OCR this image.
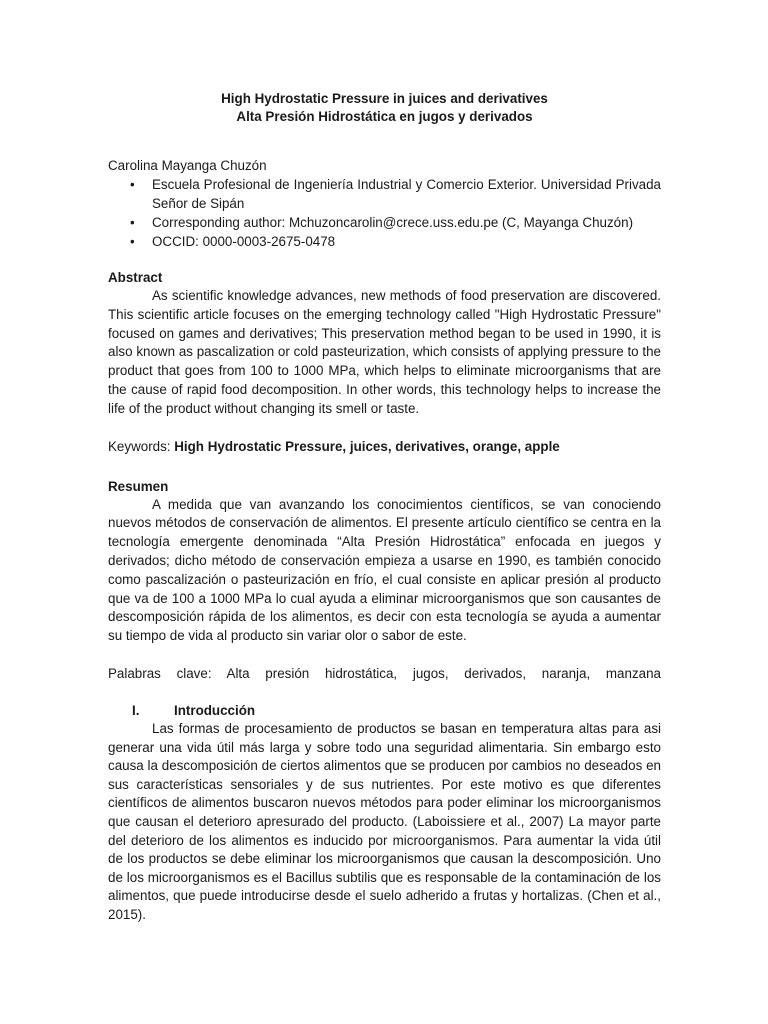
High Hydrostatic Pressure in juices and derivatives
Alta Presión Hidrostática en jugos y derivados
Carolina Mayanga Chuzón
• Escuela Profesional de Ingeniería Industrial y Comercio Exterior. Universidad Privada Señor de Sipán
• Corresponding author: Mchuzoncarolin@crece.uss.edu.pe (C, Mayanga Chuzón)
• OCCID: 0000-0003-2675-0478
Abstract

As scientific knowledge advances, new methods of food preservation are discovered. This scientific article focuses on the emerging technology called "High Hydrostatic Pressure" focused on games and derivatives; This preservation method began to be used in 1990, it is also known as pascalization or cold pasteurization, which consists of applying pressure to the product that goes from 100 to 1000 MPa, which helps to eliminate microorganisms that are the cause of rapid food decomposition. In other words, this technology helps to increase the life of the product without changing its smell or taste.

Keywords: High Hydrostatic Pressure, juices, derivatives, orange, apple
Resumen

A medida que van avanzando los conocimientos científicos, se van conociendo nuevos métodos de conservación de alimentos. El presente artículo científico se centra en la tecnología emergente denominada “Alta Presión Hidrostática” enfocada en juegos y derivados; dicho método de conservación empieza a usarse en 1990, es también conocido como pascalización o pasteurización en frío, el cual consiste en aplicar presión al producto que va de 100 a 1000 MPa lo cual ayuda a eliminar microorganismos que son causantes de descomposición rápida de los alimentos, es decir con esta tecnología se ayuda a aumentar su tiempo de vida al producto sin variar olor o sabor de este.

Palabras clave: Alta presión hidrostática, jugos, derivados, naranja, manzana
I.	Introducción

Las formas de procesamiento de productos se basan en temperatura altas para asi generar una vida útil más larga y sobre todo una seguridad alimentaria. Sin embargo esto causa la descomposición de ciertos alimentos que se producen por cambios no deseados en sus características sensoriales y de sus nutrientes. Por este motivo es que diferentes científicos de alimentos buscaron nuevos métodos para poder eliminar los microorganismos que causan el deterioro apresurado del producto. (Laboissiere et al., 2007) La mayor parte del deterioro de los alimentos es inducido por microorganismos. Para aumentar la vida útil de los productos se debe eliminar los microorganismos que causan la descomposición. Uno de los microorganismos es el Bacillus subtilis que es responsable de la contaminación de los alimentos, que puede introducirse desde el suelo adherido a frutas y hortalizas. (Chen et al., 2015).
